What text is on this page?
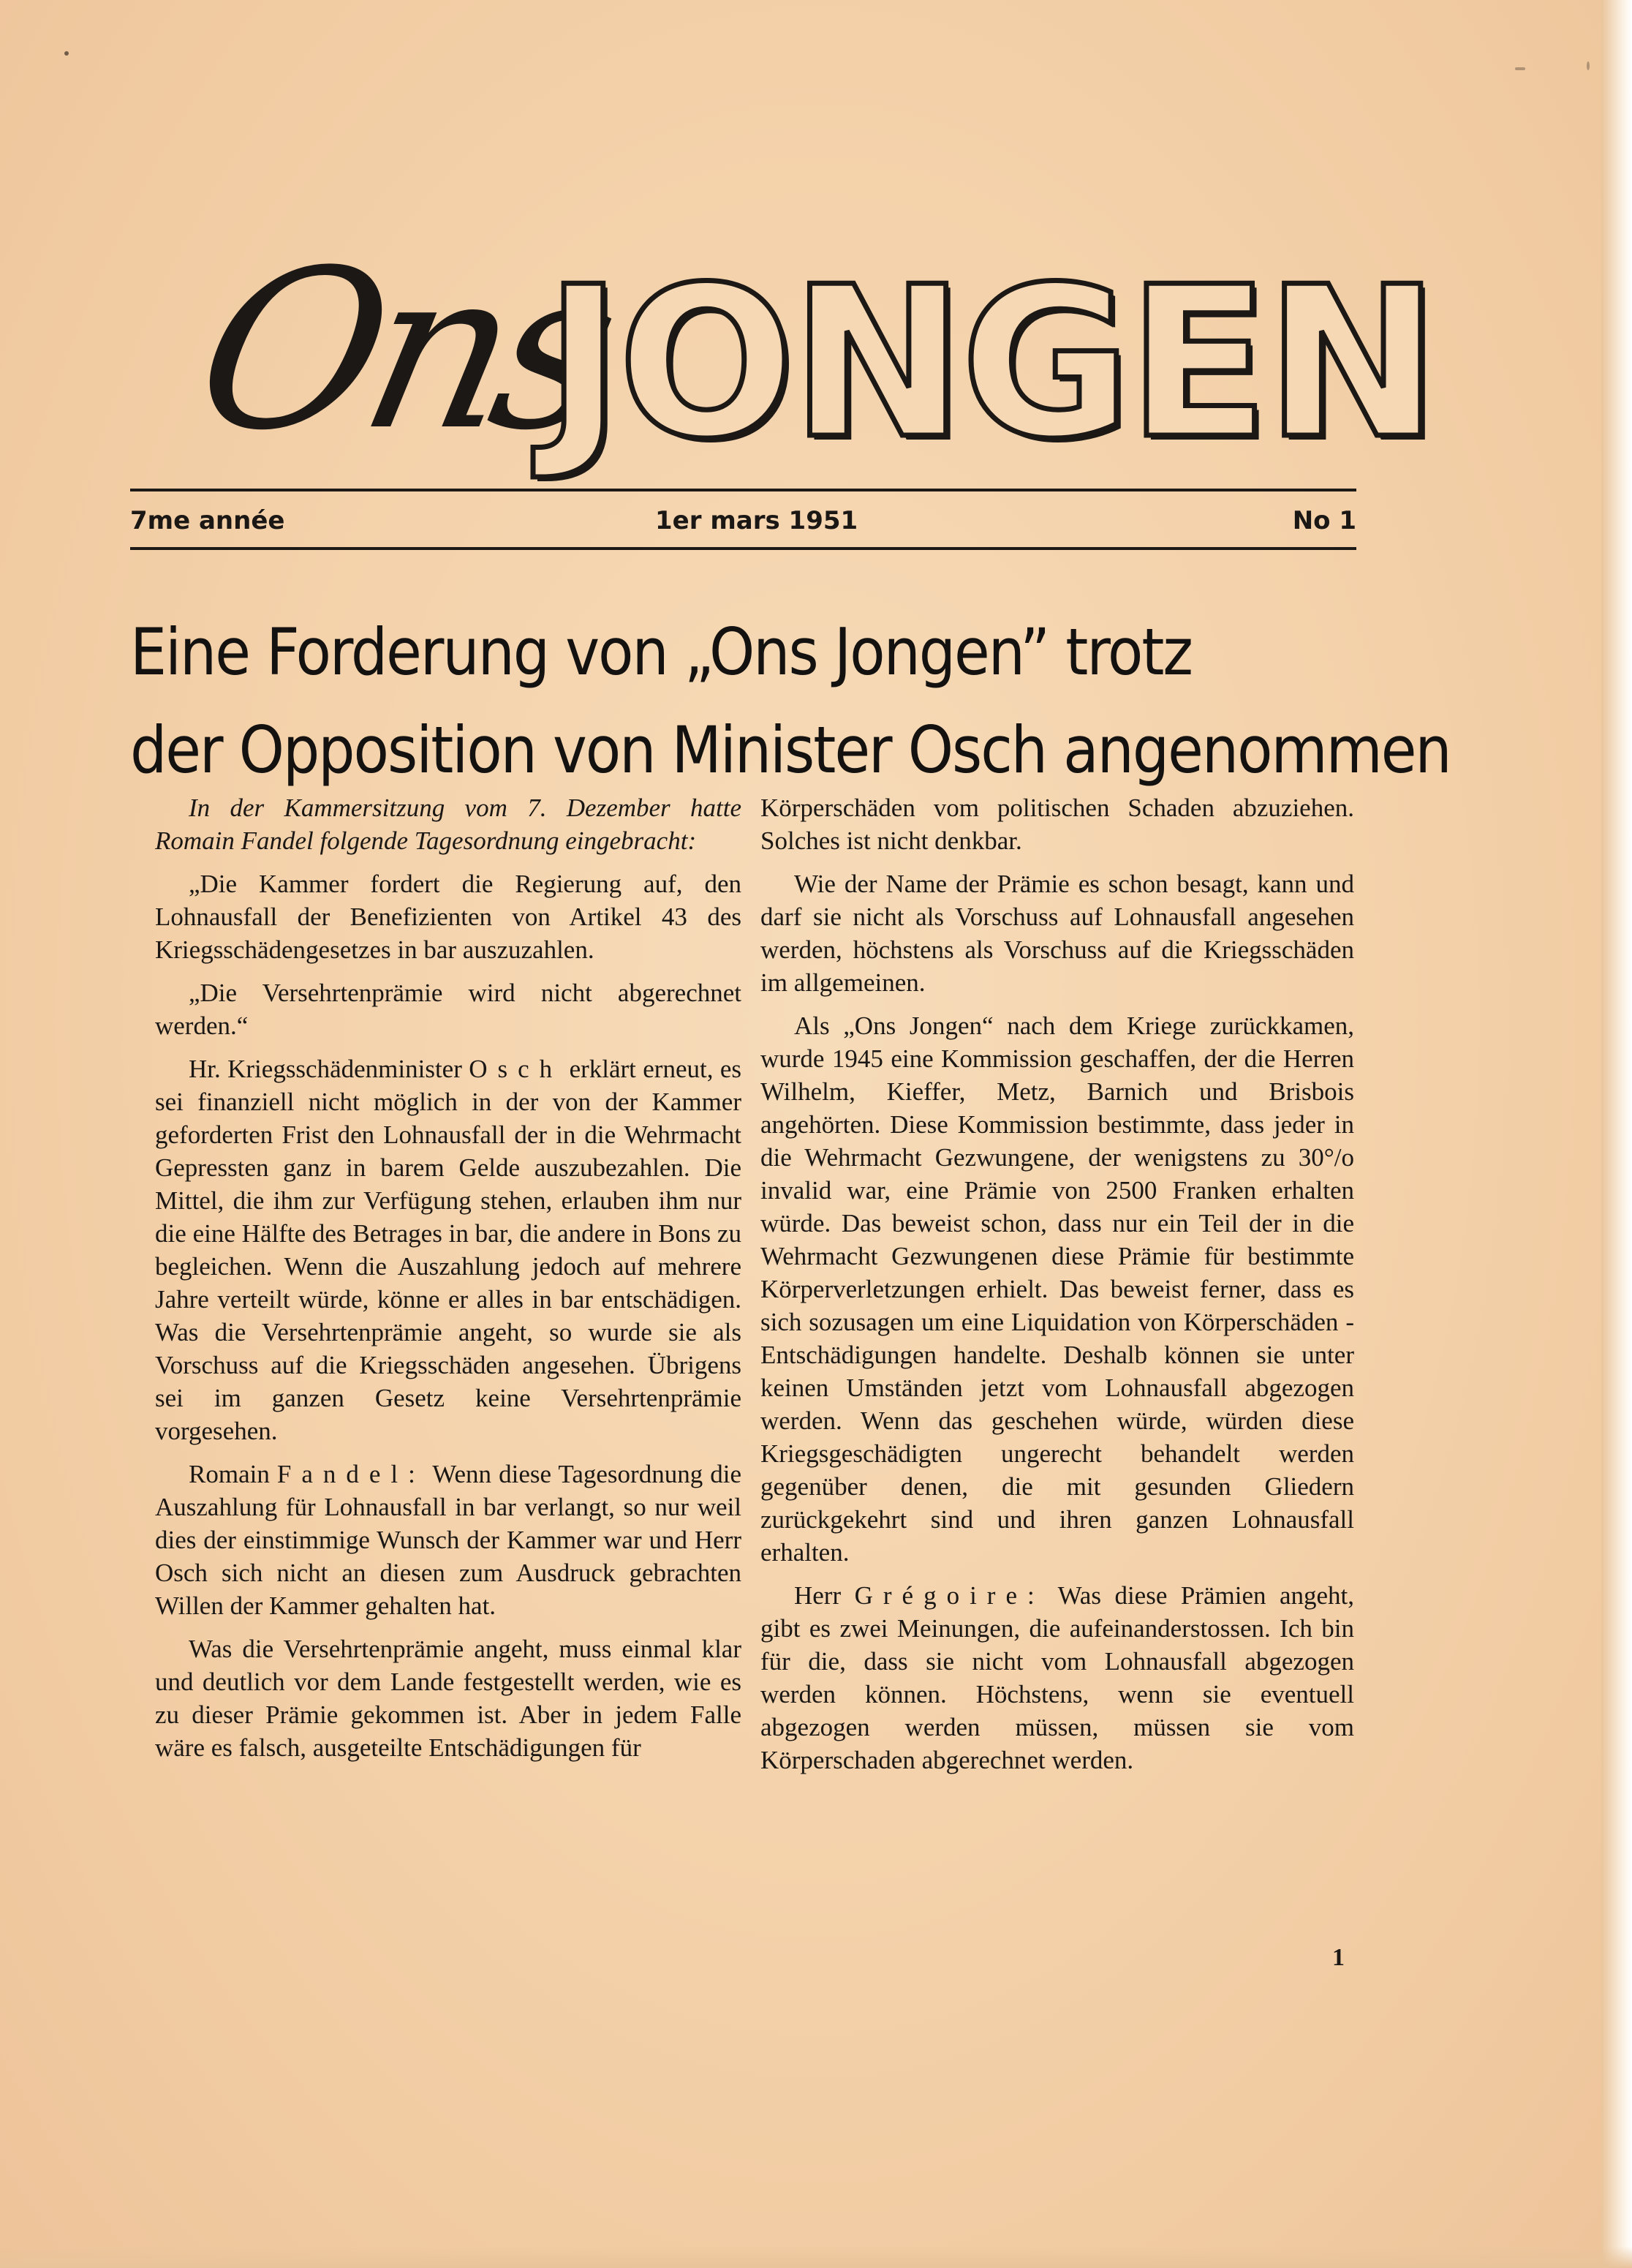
Ons
JONGEN
7me année	1er mars 1951	No 1
Eine Forderung von „Ons Jongen” trotz
der Opposition von Minister Osch angenommen

In der Kammersitzung vom 7. Dezember hatte Romain Fandel folgende Tagesordnung eingebracht:

„Die Kammer fordert die Regierung auf, den Lohnausfall der Benefizienten von Artikel 43 des Kriegsschädengesetzes in bar auszuzahlen.

„Die Versehrtenprämie wird nicht abgerechnet werden.“

Hr. Kriegsschädenminister Osch erklärt erneut, es sei finanziell nicht möglich in der von der Kammer geforderten Frist den Lohnausfall der in die Wehrmacht Gepressten ganz in barem Gelde auszubezahlen. Die Mittel, die ihm zur Verfügung stehen, erlauben ihm nur die eine Hälfte des Betrages in bar, die andere in Bons zu begleichen. Wenn die Auszahlung jedoch auf mehrere Jahre verteilt würde, könne er alles in bar entschädigen. Was die Versehrtenprämie angeht, so wurde sie als Vorschuss auf die Kriegsschäden angesehen. Übrigens sei im ganzen Gesetz keine Versehrtenprämie vorgesehen.

Romain Fandel: Wenn diese Tagesordnung die Auszahlung für Lohnausfall in bar verlangt, so nur weil dies der einstimmige Wunsch der Kammer war und Herr Osch sich nicht an diesen zum Ausdruck gebrachten Willen der Kammer gehalten hat.

Was die Versehrtenprämie angeht, muss einmal klar und deutlich vor dem Lande festgestellt werden, wie es zu dieser Prämie gekommen ist. Aber in jedem Falle wäre es falsch, ausgeteilte Entschädigungen für

Körperschäden vom politischen Schaden abzuziehen. Solches ist nicht denkbar.

Wie der Name der Prämie es schon besagt, kann und darf sie nicht als Vorschuss auf Lohnausfall angesehen werden, höchstens als Vorschuss auf die Kriegsschäden im allgemeinen.

Als „Ons Jongen“ nach dem Kriege zurückkamen, wurde 1945 eine Kommission geschaffen, der die Herren Wilhelm, Kieffer, Metz, Barnich und Brisbois angehörten. Diese Kommission bestimmte, dass jeder in die Wehrmacht Gezwungene, der wenigstens zu 30°/o invalid war, eine Prämie von 2500 Franken erhalten würde. Das beweist schon, dass nur ein Teil der in die Wehrmacht Gezwungenen diese Prämie für bestimmte Körperverletzungen erhielt. Das beweist ferner, dass es sich sozusagen um eine Liquidation von Körperschäden - Entschädigungen handelte. Deshalb können sie unter keinen Umständen jetzt vom Lohnausfall abgezogen werden. Wenn das geschehen würde, würden diese Kriegsgeschädigten ungerecht behandelt werden gegenüber denen, die mit gesunden Gliedern zurückgekehrt sind und ihren ganzen Lohnausfall erhalten.

Herr Grégoire: Was diese Prämien angeht, gibt es zwei Meinungen, die aufeinanderstossen. Ich bin für die, dass sie nicht vom Lohnausfall abgezogen werden können. Höchstens, wenn sie eventuell abgezogen werden müssen, müssen sie vom Körperschaden abgerechnet werden.

1
